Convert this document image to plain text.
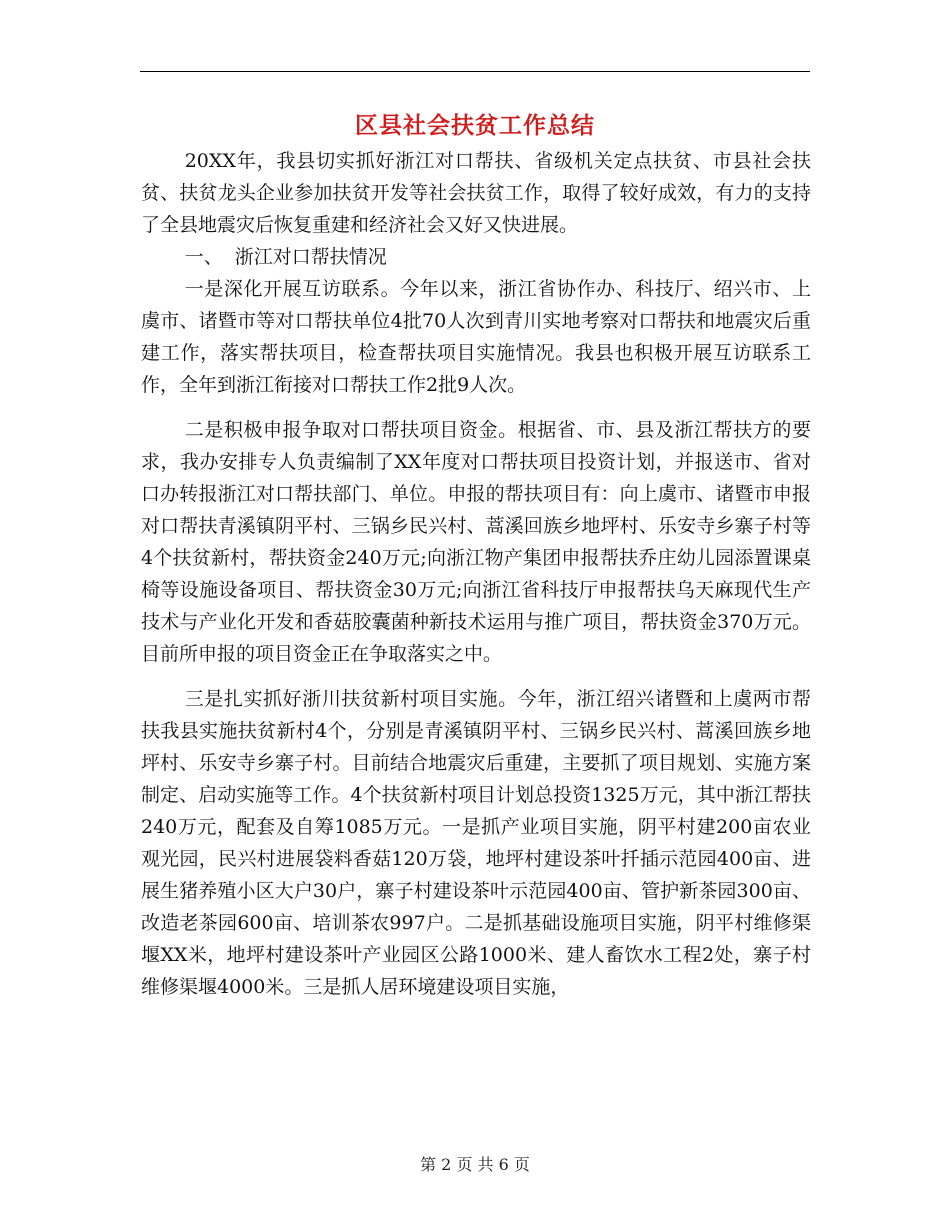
区县社会扶贫工作总结

20XX年，我县切实抓好浙江对口帮扶、省级机关定点扶贫、市县社会扶贫、扶贫龙头企业参加扶贫开发等社会扶贫工作，取得了较好成效，有力的支持了全县地震灾后恢复重建和经济社会又好又快进展。

一、  浙江对口帮扶情况

一是深化开展互访联系。今年以来，浙江省协作办、科技厅、绍兴市、上虞市、诸暨市等对口帮扶单位4批70人次到青川实地考察对口帮扶和地震灾后重建工作，落实帮扶项目，检查帮扶项目实施情况。我县也积极开展互访联系工作，全年到浙江衔接对口帮扶工作2批9人次。

二是积极申报争取对口帮扶项目资金。根据省、市、县及浙江帮扶方的要求，我办安排专人负责编制了XX年度对口帮扶项目投资计划，并报送市、省对口办转报浙江对口帮扶部门、单位。申报的帮扶项目有：向上虞市、诸暨市申报对口帮扶青溪镇阴平村、三锅乡民兴村、蒿溪回族乡地坪村、乐安寺乡寨子村等4个扶贫新村，帮扶资金240万元;向浙江物产集团申报帮扶乔庄幼儿园添置课桌椅等设施设备项目、帮扶资金30万元;向浙江省科技厅申报帮扶乌天麻现代生产技术与产业化开发和香菇胶囊菌种新技术运用与推广项目，帮扶资金370万元。目前所申报的项目资金正在争取落实之中。

三是扎实抓好浙川扶贫新村项目实施。今年，浙江绍兴诸暨和上虞两市帮扶我县实施扶贫新村4个，分别是青溪镇阴平村、三锅乡民兴村、蒿溪回族乡地坪村、乐安寺乡寨子村。目前结合地震灾后重建，主要抓了项目规划、实施方案制定、启动实施等工作。4个扶贫新村项目计划总投资1325万元，其中浙江帮扶240万元，配套及自筹1085万元。一是抓产业项目实施，阴平村建200亩农业观光园，民兴村进展袋料香菇120万袋，地坪村建设茶叶扦插示范园400亩、进展生猪养殖小区大户30户，寨子村建设茶叶示范园400亩、管护新茶园300亩、改造老茶园600亩、培训茶农997户。二是抓基础设施项目实施，阴平村维修渠堰XX米，地坪村建设茶叶产业园区公路1000米、建人畜饮水工程2处，寨子村维修渠堰4000米。三是抓人居环境建设项目实施，

第 2 页 共 6 页
